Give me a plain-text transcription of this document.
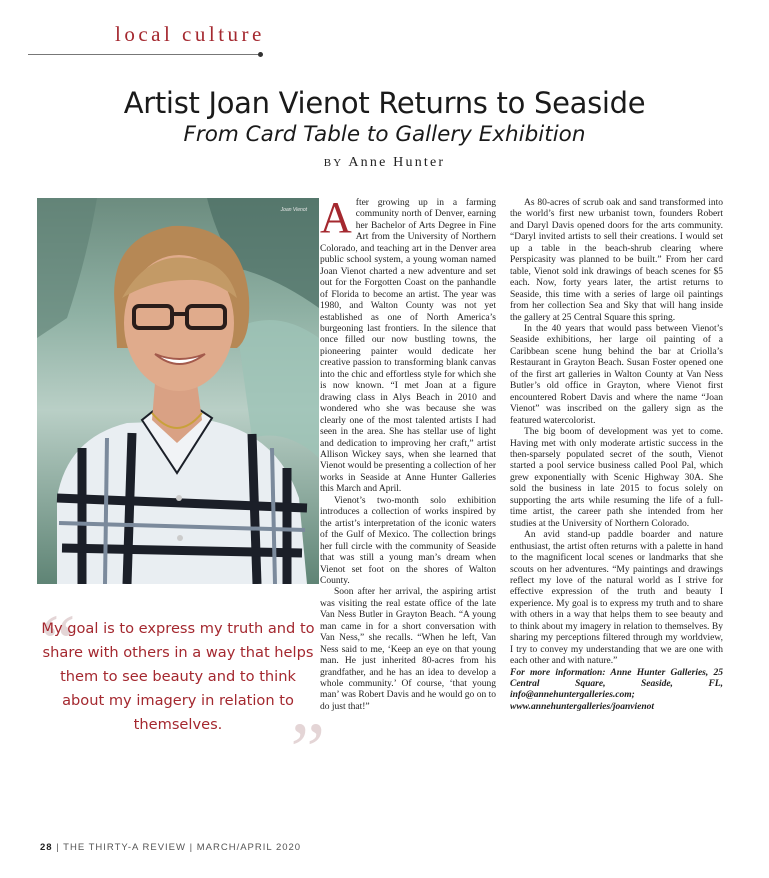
local culture
Artist Joan Vienot Returns to Seaside
From Card Table to Gallery Exhibition
BY Anne Hunter
Joan Vienot
“
My goal is to express my truth and to share with others in a way that helps them to see beauty and to think about my imagery in relation to themselves. ”

After growing up in a farming community north of Denver, earning her Bachelor of Arts Degree in Fine Art from the University of Northern Colorado, and teaching art in the Denver area public school system, a young woman named Joan Vienot charted a new adventure and set out for the Forgotten Coast on the panhandle of Florida to become an artist. The year was 1980, and Walton County was not yet established as one of North America’s burgeoning last frontiers. In the silence that once filled our now bustling towns, the pioneering painter would dedicate her creative passion to transforming blank canvas into the chic and effortless style for which she is now known. “I met Joan at a figure drawing class in Alys Beach in 2010 and wondered who she was because she was clearly one of the most talented artists I had seen in the area. She has stellar use of light and dedication to improving her craft,” artist Allison Wickey says, when she learned that Vienot would be presenting a collection of her works in Seaside at Anne Hunter Galleries this March and April.

Vienot’s two-month solo exhibition introduces a collection of works inspired by the artist’s interpretation of the iconic waters of the Gulf of Mexico. The collection brings her full circle with the community of Seaside that was still a young man’s dream when Vienot set foot on the shores of Walton County.

Soon after her arrival, the aspiring artist was visiting the real estate office of the late Van Ness Butler in Grayton Beach. “A young man came in for a short conversation with Van Ness,” she recalls. “When he left, Van Ness said to me, ‘Keep an eye on that young man. He just inherited 80-acres from his grandfather, and he has an idea to develop a whole community.’ Of course, ‘that young man’ was Robert Davis and he would go on to do just that!”

As 80-acres of scrub oak and sand transformed into the world’s first new urbanist town, founders Robert and Daryl Davis opened doors for the arts community. “Daryl invited artists to sell their creations. I would set up a table in the beach-shrub clearing where Perspicasity was planned to be built.” From her card table, Vienot sold ink drawings of beach scenes for $5 each. Now, forty years later, the artist returns to Seaside, this time with a series of large oil paintings from her collection Sea and Sky that will hang inside the gallery at 25 Central Square this spring.

In the 40 years that would pass between Vienot’s Seaside exhibitions, her large oil painting of a Caribbean scene hung behind the bar at Criolla’s Restaurant in Grayton Beach. Susan Foster opened one of the first art galleries in Walton County at Van Ness Butler’s old office in Grayton, where Vienot first encountered Robert Davis and where the name “Joan Vienot” was inscribed on the gallery sign as the featured watercolorist.

The big boom of development was yet to come. Having met with only moderate artistic success in the then-sparsely populated secret of the south, Vienot started a pool service business called Pool Pal, which grew exponentially with Scenic Highway 30A. She sold the business in late 2015 to focus solely on supporting the arts while resuming the life of a full-time artist, the career path she intended from her studies at the University of Northern Colorado.

An avid stand-up paddle boarder and nature enthusiast, the artist often returns with a palette in hand to the magnificent local scenes or landmarks that she scouts on her adventures. “My paintings and drawings reflect my love of the natural world as I strive for effective expression of the truth and beauty I experience. My goal is to express my truth and to share with others in a way that helps them to see beauty and to think about my imagery in relation to themselves. By sharing my perceptions filtered through my worldview, I try to convey my understanding that we are one with each other and with nature.”

For more information: Anne Hunter Galleries, 25 Central Square, Seaside, FL, info@annehuntergalleries.com; www.annehuntergalleries/joanvienot

28 | THE THIRTY-A REVIEW | MARCH/APRIL 2020
